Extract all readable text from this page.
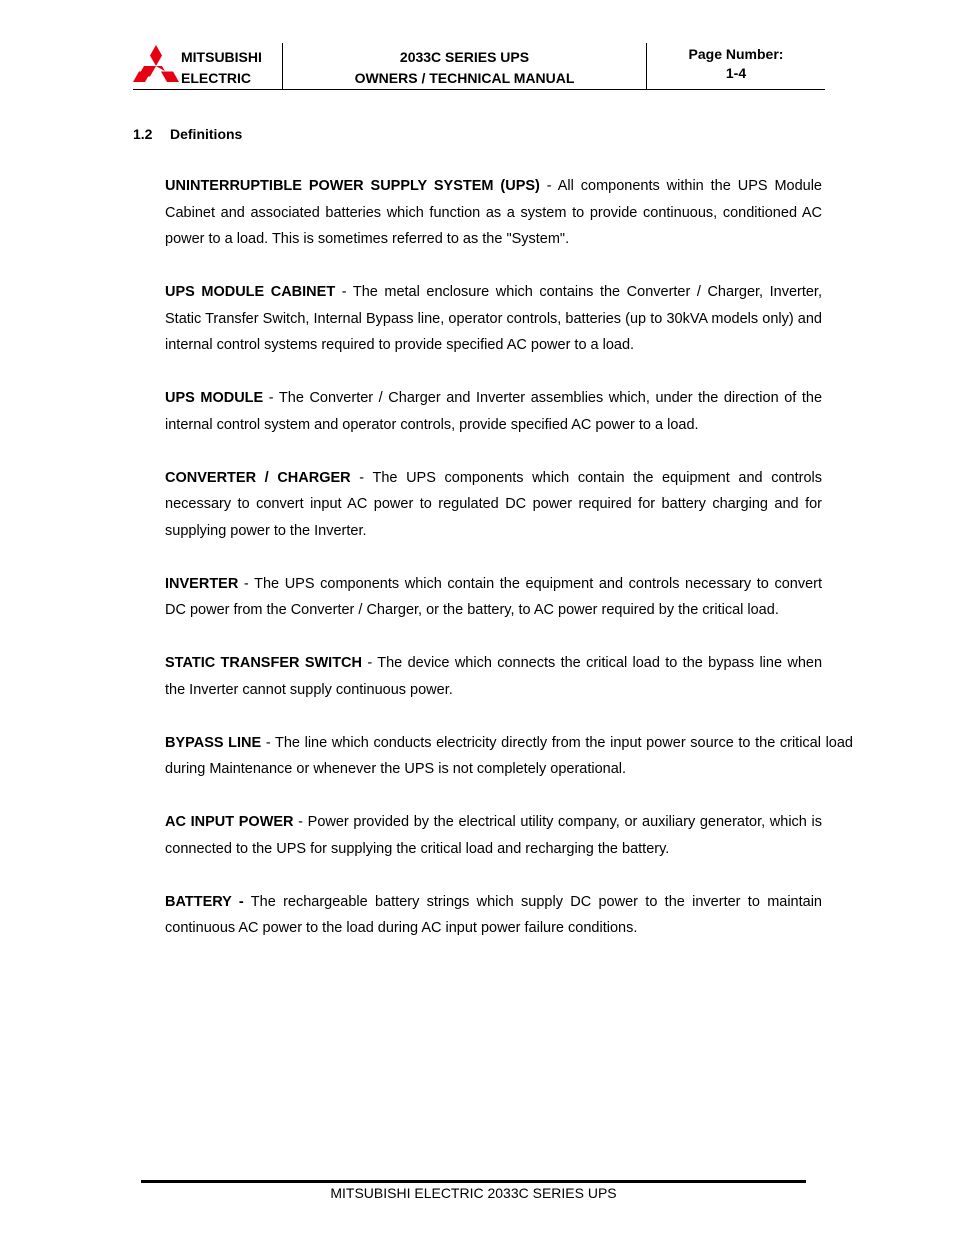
MITSUBISHI
ELECTRIC
2033C SERIES UPS
OWNERS / TECHNICAL MANUAL
Page Number:
1-4
1.2 Definitions

UNINTERRUPTIBLE POWER SUPPLY SYSTEM (UPS) - All components within the UPS Module Cabinet and associated batteries which function as a system to provide continuous, conditioned AC power to a load. This is sometimes referred to as the "System".

UPS MODULE CABINET - The metal enclosure which contains the Converter / Charger, Inverter, Static Transfer Switch, Internal Bypass line, operator controls, batteries (up to 30kVA models only) and internal control systems required to provide specified AC power to a load.

UPS MODULE - The Converter / Charger and Inverter assemblies which, under the direction of the internal control system and operator controls, provide specified AC power to a load.

CONVERTER / CHARGER - The UPS components which contain the equipment and controls necessary to convert input AC power to regulated DC power required for battery charging and for supplying power to the Inverter.

INVERTER - The UPS components which contain the equipment and controls necessary to convert DC power from the Converter / Charger, or the battery, to AC power required by the critical load.

STATIC TRANSFER SWITCH - The device which connects the critical load to the bypass line when the Inverter cannot supply continuous power.

BYPASS LINE - The line which conducts electricity directly from the input power source to the critical load during Maintenance or whenever the UPS is not completely operational.

AC INPUT POWER - Power provided by the electrical utility company, or auxiliary generator, which is connected to the UPS for supplying the critical load and recharging the battery.

BATTERY - The rechargeable battery strings which supply DC power to the inverter to maintain continuous AC power to the load during AC input power failure conditions.

MITSUBISHI ELECTRIC 2033C SERIES UPS
